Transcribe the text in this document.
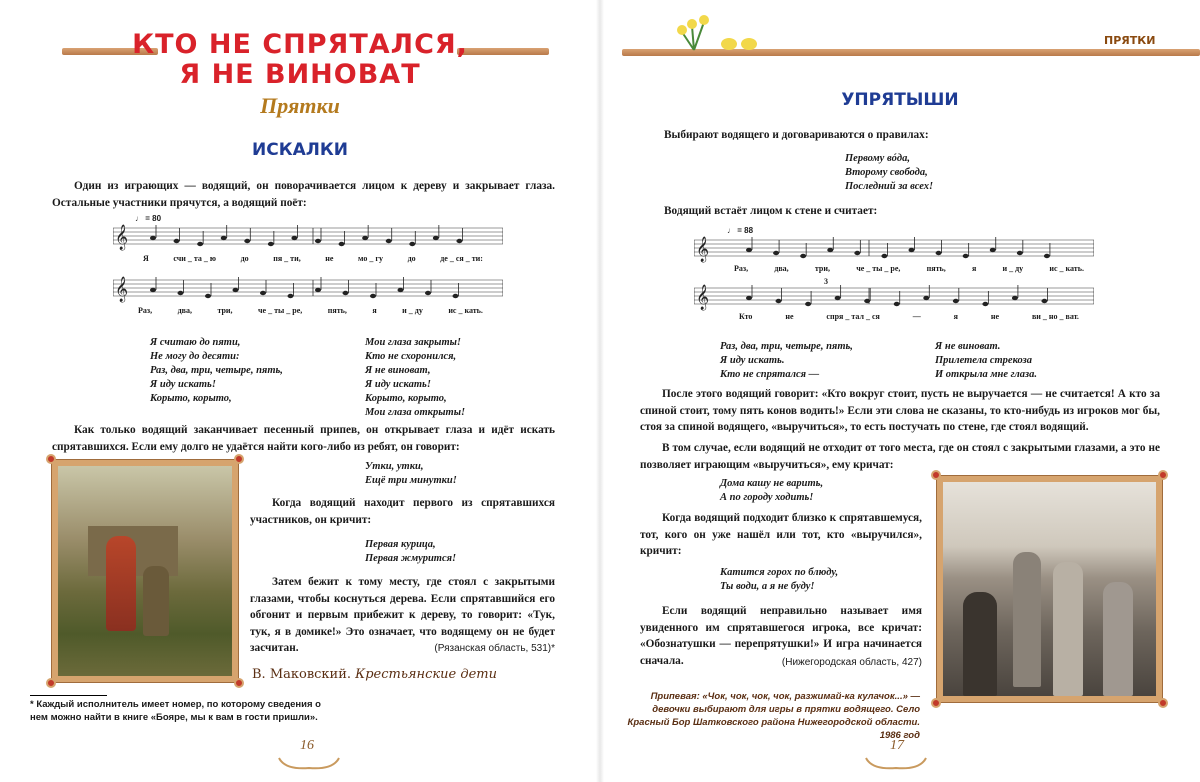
КТО НЕ СПРЯТАЛСЯ,
Я НЕ ВИНОВАТ
Прятки
ИСКАЛКИ
Один из играющих — водящий, он поворачивается лицом к дереву и закрывает глаза. Остальные участники прячутся, а водящий поёт:
♩ = 80
𝄞
𝄞
Я	счи _ та _ ю	до	пя _ ти,	не	мо _ гу	до	де _ ся _ ти:
Раз,	два,	три,	че _ ты _ ре,	пять,	я	и _ ду	ис _ кать.
Я считаю до пяти,
Не могу до десяти:
Раз, два, три, четыре, пять,
Я иду искать!
Корыто, корыто,
Мои глаза закрыты!
Кто не схоронился,
Я не виноват,
Я иду искать!
Корыто, корыто,
Мои глаза открыты!
Как только водящий заканчивает песенный припев, он открывает глаза и идёт искать спрятавшихся. Если ему долго не удаётся найти кого-либо из ребят, он говорит:
Утки, утки,
Ещё три минутки!
Когда водящий находит первого из спрятавшихся участников, он кричит:
Первая курица,
Первая жмурится!
Затем бежит к тому месту, где стоял с закрытыми глазами, чтобы коснуться дерева. Если спрятавшийся его обгонит и первым прибежит к дереву, то говорит: «Тук, тук, я в домике!» Это означает, что водящему он не будет засчитан.	(Рязанская область, 531)*
В. Маковский. Крестьянские дети
* Каждый исполнитель имеет номер, по которому сведения о нем можно найти в книге «Бояре, мы к вам в гости пришли».
16
ПРЯТКИ
УПРЯТЫШИ
Выбирают водящего и договариваются о правилах:
Первому вóда,
Второму свобода,
Последний за всех!
Водящий встаёт лицом к стене и считает:
♩ = 88
3
𝄞
𝄞
Раз,	два,	три,	че _ ты _ ре,	пять,	я	и _ ду	ис _ кать.
Кто	не	спря _ тал _ ся	—	я	не	ви _ но _ ват.
Раз, два, три, четыре, пять,
Я иду искать.
Кто не спрятался —
Я не виноват.
Прилетела стрекоза
И открыла мне глаза.
После этого водящий говорит: «Кто вокруг стоит, пусть не выручается — не считается! А кто за спиной стоит, тому пять конов водить!» Если эти слова не сказаны, то кто-нибудь из игроков мог бы, стоя за спиной водящего, «выручиться», то есть постучать по стене, где стоял водящий.
В том случае, если водящий не отходит от того места, где он стоял с закрытыми глазами, а это не позволяет играющим «выручиться», ему кричат:
Дома кашу не варить,
А по городу ходить!
Когда водящий подходит близко к спрятавшемуся, тот, кого он уже нашёл или тот, кто «выручился», кричит:
Катится горох по блюду,
Ты води, а я не буду!
Если водящий неправильно называет имя увиденного им спрятавшегося игрока, все кричат: «Обознатушки — перепрятушки!» И игра начинается сначала.	(Нижегородская область, 427)
Припевая: «Чок, чок, чок, чок, разжимай-ка кулачок...» — девочки выбирают для игры в прятки водящего. Село Красный Бор Шатковского района Нижегородской области. 1986 год
17
